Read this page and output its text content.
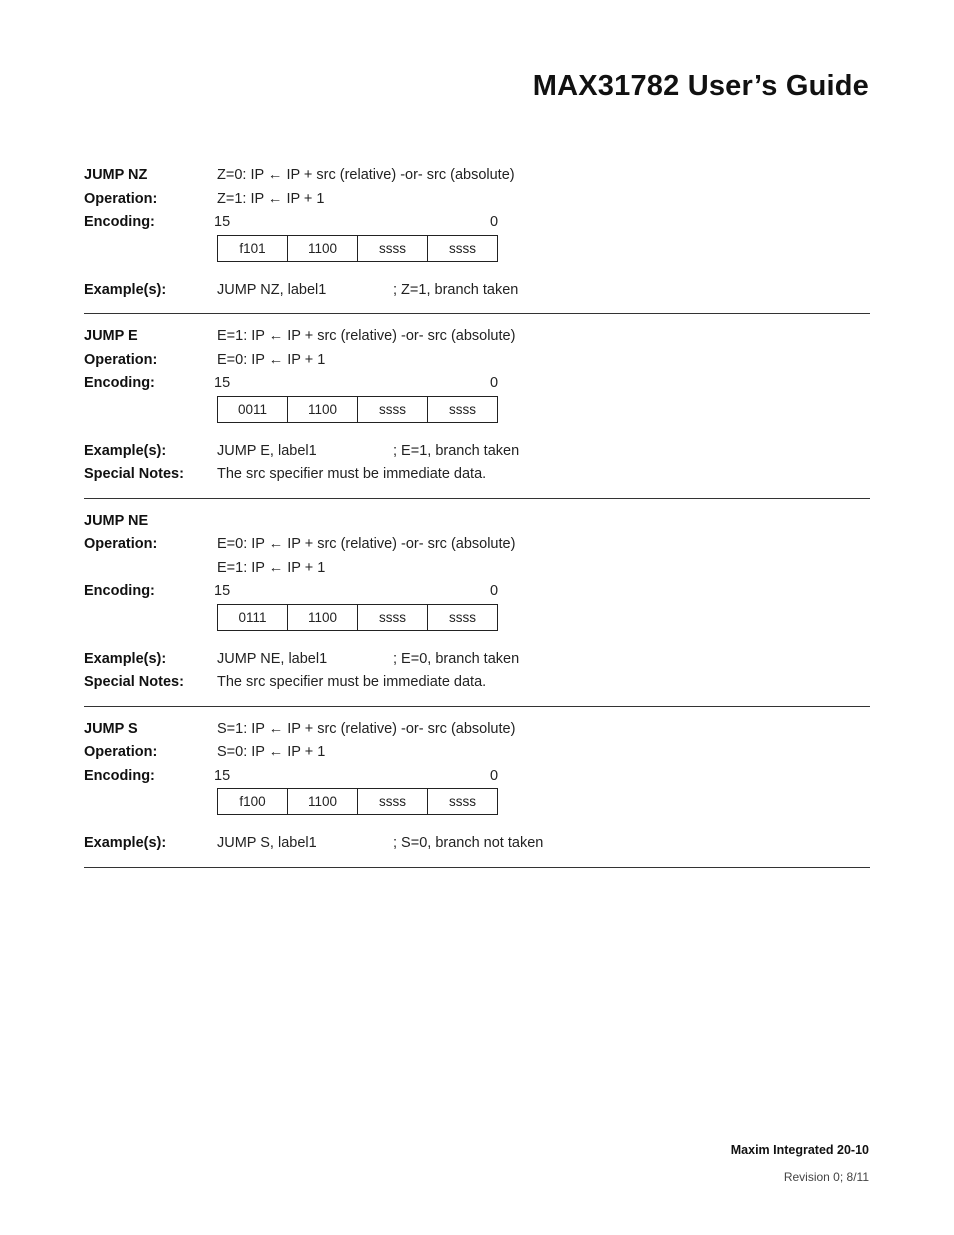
MAX31782 User’s Guide
JUMP NZ	Z=0: IP ← IP + src (relative) -or- src (absolute)
Operation:	Z=1: IP ← IP + 1
Encoding:	15	0
f101	1100	ssss	ssss
Example(s):	JUMP NZ, label1	; Z=1, branch taken
JUMP E	E=1: IP ← IP + src (relative) -or- src (absolute)
Operation:	E=0: IP ← IP + 1
Encoding:	15	0
0011	1100	ssss	ssss
Example(s):	JUMP E, label1	; E=1, branch taken
Special Notes: The src specifier must be immediate data.
JUMP NE
Operation:	E=0: IP ← IP + src (relative) -or- src (absolute)
E=1: IP ← IP + 1
Encoding:	15	0
0111	1100	ssss	ssss
Example(s):	JUMP NE, label1	; E=0, branch taken
Special Notes: The src specifier must be immediate data.
JUMP S	S=1: IP ← IP + src (relative) -or- src (absolute)
Operation:	S=0: IP ← IP + 1
Encoding:	15	0
f100	1100	ssss	ssss
Example(s):	JUMP S, label1	; S=0, branch not taken
Maxim Integrated 20-10
Revision 0; 8/11
